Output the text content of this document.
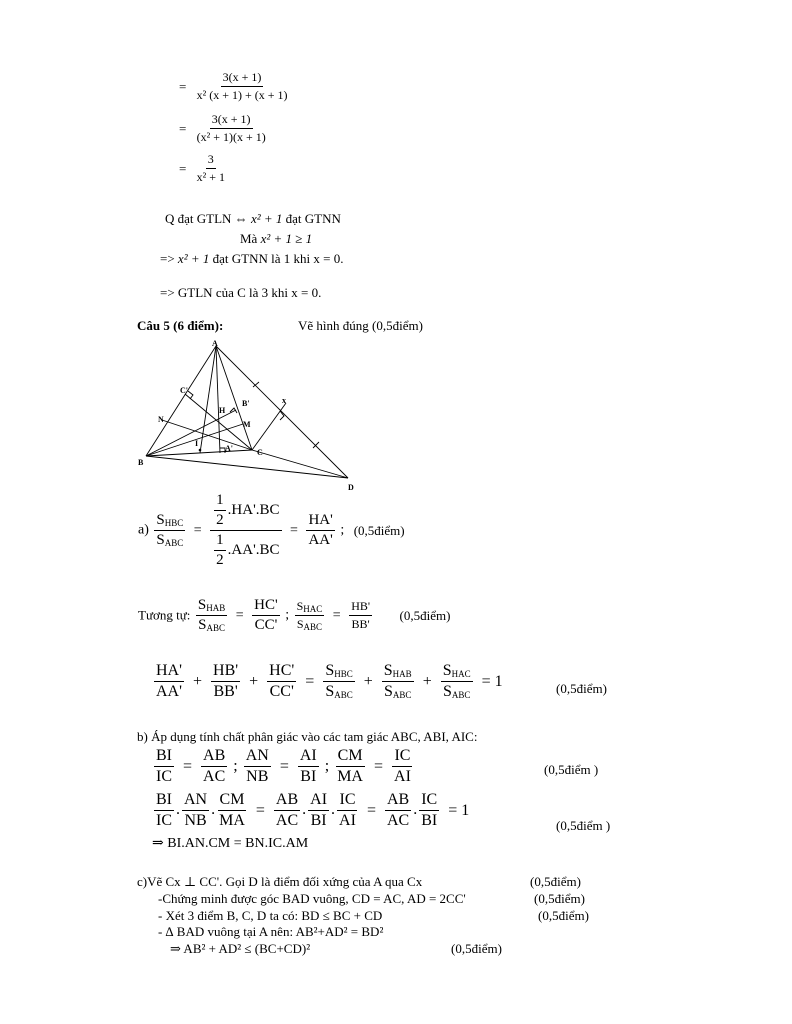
= $\frac{3(x + 1)}{\text{x² (x + 1) + (x + 1)}}$
= $\frac{3(x + 1)}{\text{(x² + 1)(x + 1)}}$
= $\frac{3}{\text{x² + 1}}$
Q đạt GTLN ⇔ x² + 1 đạt GTNN
Mà x² + 1 ≥ 1
=> x² + 1 đạt GTNN là 1 khi x = 0.
=> GTLN của C là 3 khi x = 0.
Câu 5 (6 điểm):	Vẽ hình đúng (0,5điểm)
A
B
C
D
C'
B'
A'
H
N
I
M
x
$a) \frac{S_{HBC}}{S_{ABC}} = \frac{\frac{1}{2} .HA'.BC}{\frac{1}{2} .AA'.BC} = \frac{HA'}{AA'}$ ; (0,5điểm)
Tương tự: $\frac{S_{HAB}}{S_{ABC}} = \frac{HC'}{CC'}$ ; $\frac{S_{HAC}}{S_{ABC}} = \frac{HB'}{BB'}$ (0,5điểm)
$\frac{HA'}{AA'} + \frac{HB'}{BB'} + \frac{HC'}{CC'} = \frac{S_{HBC}}{S_{ABC}} + \frac{S_{HAB}}{S_{ABC}} + \frac{S_{HAC}}{S_{ABC}} = 1$	(0,5điểm)
b) Áp dụng tính chất phân giác vào các tam giác ABC, ABI, AIC:
$\frac{BI}{IC} = \frac{AB}{AC}$ ; $\frac{AN}{NB} = \frac{AI}{BI}$ ; $\frac{CM}{MA} = \frac{IC}{AI}$	(0,5điểm )
$\frac{BI}{IC}$ . $\frac{AN}{NB}$ . $\frac{CM}{MA} = \frac{AB}{AC}$ . $\frac{AI}{BI}$ . $\frac{IC}{AI} = \frac{AB}{AC}$ . $\frac{IC}{BI} = 1$
(0,5điểm )
⇒ BI.AN.CM = BN.IC.AM
c)Vẽ Cx ⊥ CC'. Gọi D là điểm đối xứng của A qua Cx	(0,5điểm)
-Chứng minh được góc BAD vuông, CD = AC, AD = 2CC'	(0,5điểm)
- Xét 3 điểm B, C, D ta có: BD ≤ BC + CD	(0,5điểm)
- ∆ BAD vuông tại A nên: AB²+AD² = BD²
⇒ AB² + AD² ≤ (BC+CD)²	(0,5điểm)
